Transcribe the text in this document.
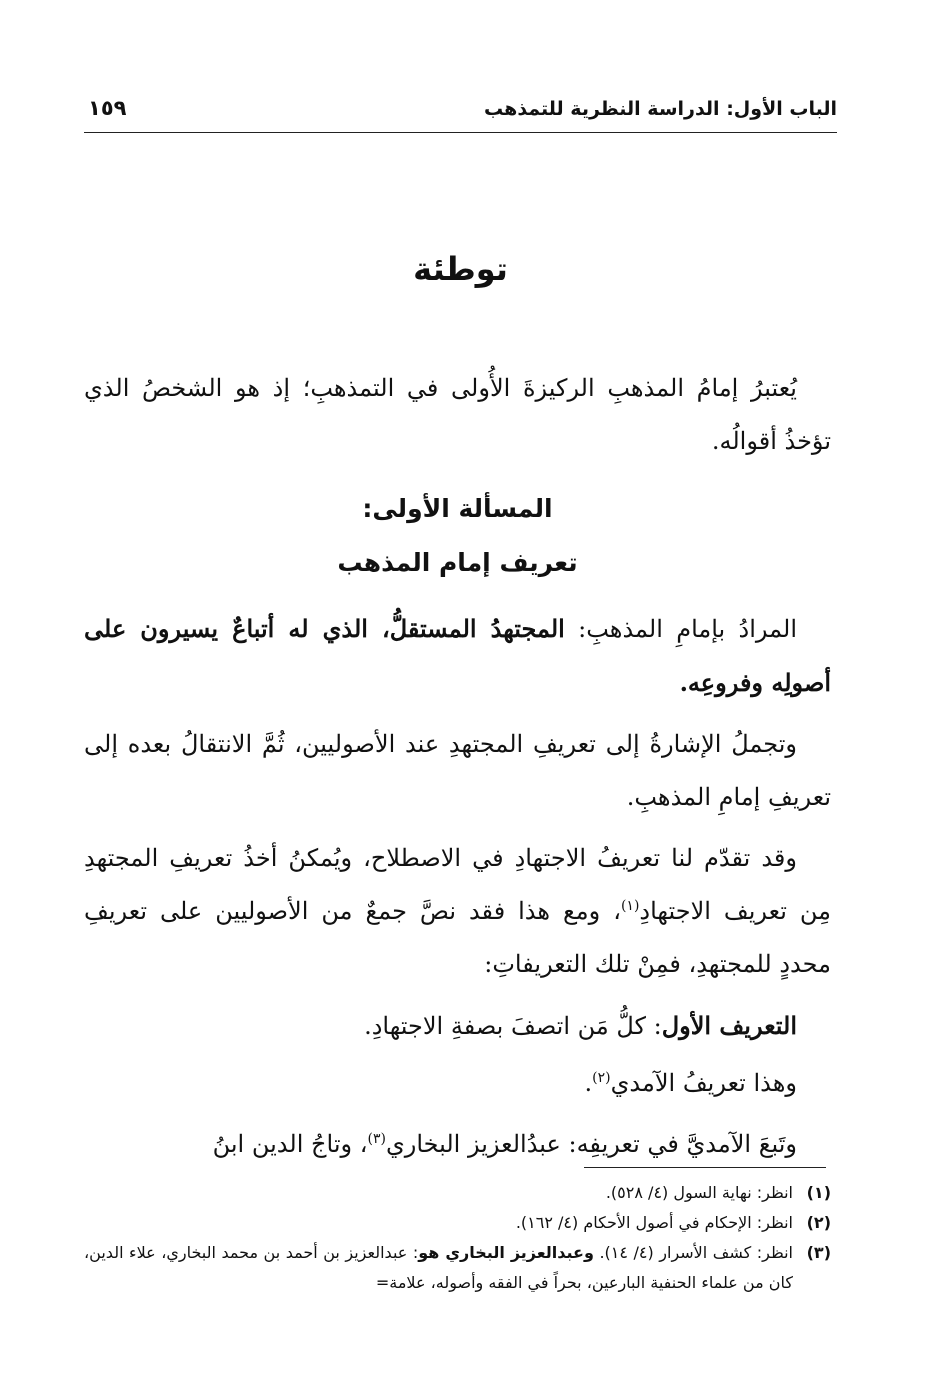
الباب الأول: الدراسة النظرية للتمذهب
١٥٩
توطئة

يُعتبرُ إمامُ المذهبِ الركيزةَ الأُولى في التمذهبِ؛ إذ هو الشخصُ الذي تؤخذُ أقوالُه.

المسألة الأولى:

تعريف إمام المذهب

المرادُ بإمامِ المذهبِ: المجتهدُ المستقلُّ، الذي له أتباعٌ يسيرون على أصولِه وفروعِه.

وتجملُ الإشارةُ إلى تعريفِ المجتهدِ عند الأصوليين، ثُمَّ الانتقالُ بعده إلى تعريفِ إمامِ المذهبِ.

وقد تقدّم لنا تعريفُ الاجتهادِ في الاصطلاح، ويُمكنُ أخذُ تعريفِ المجتهدِ مِن تعريف الاجتهادِ$^{(١)}$، ومع هذا فقد نصَّ جمعٌ من الأصوليين على تعريفِ محددٍ للمجتهدِ، فمِنْ تلك التعريفاتِ:

التعريف الأول: كلُّ مَن اتصفَ بصفةِ الاجتهادِ.

وهذا تعريفُ الآمدي$^{(٢)}$.

وتَبعَ الآمديَّ في تعريفِه: عبدُالعزيز البخاري$^{(٣)}$، وتاجُ الدين ابنُ

(١)
انظر: نهاية السول (٤/ ٥٢٨).
(٢)
انظر: الإحكام في أصول الأحكام (٤/ ١٦٢).
(٣)
انظر: كشف الأسرار (٤/ ١٤). وعبدالعزيز البخاري هو: عبدالعزيز بن أحمد بن محمد البخاري، علاء الدين، كان من علماء الحنفية البارعين، بحراً في الفقه وأصوله، علامة=
